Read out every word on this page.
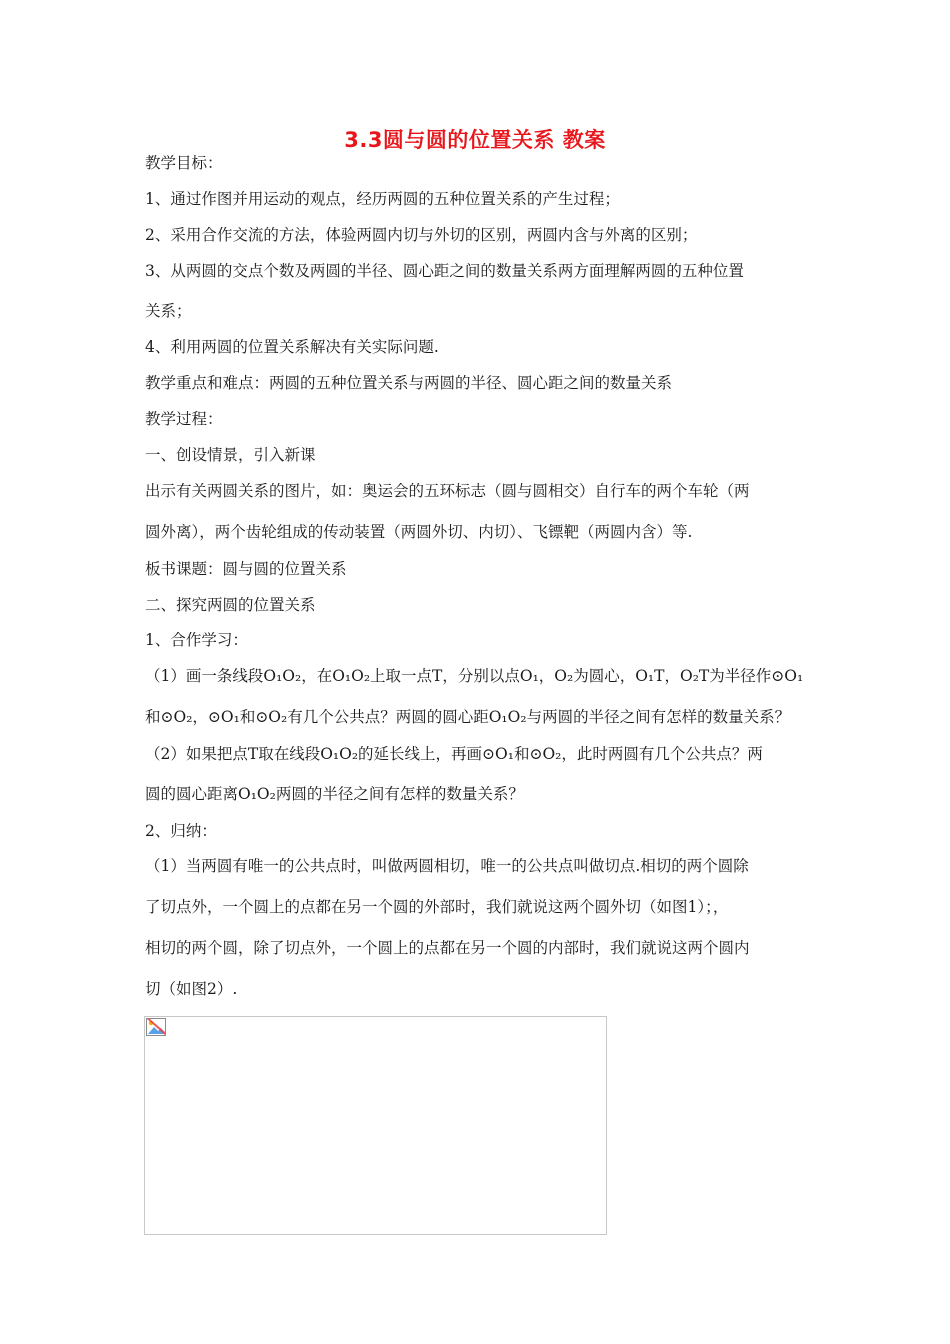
3.3圆与圆的位置关系 教案
教学目标：
1、通过作图并用运动的观点，经历两圆的五种位置关系的产生过程；
2、采用合作交流的方法，体验两圆内切与外切的区别，两圆内含与外离的区别；
3、从两圆的交点个数及两圆的半径、圆心距之间的数量关系两方面理解两圆的五种位置
关系；
4、利用两圆的位置关系解决有关实际问题.
教学重点和难点：两圆的五种位置关系与两圆的半径、圆心距之间的数量关系
教学过程：
一、创设情景，引入新课
出示有关两圆关系的图片，如：奥运会的五环标志（圆与圆相交）自行车的两个车轮（两
圆外离），两个齿轮组成的传动装置（两圆外切、内切）、飞镖靶（两圆内含）等.
板书课题：圆与圆的位置关系
二、探究两圆的位置关系
1、合作学习：
（1）画一条线段O₁O₂，在O₁O₂上取一点T，分别以点O₁，O₂为圆心，O₁T，O₂T为半径作⊙O₁
和⊙O₂，⊙O₁和⊙O₂有几个公共点？两圆的圆心距O₁O₂与两圆的半径之间有怎样的数量关系？
（2）如果把点T取在线段O₁O₂的延长线上，再画⊙O₁和⊙O₂，此时两圆有几个公共点？两
圆的圆心距离O₁O₂两圆的半径之间有怎样的数量关系？
2、归纳：
（1）当两圆有唯一的公共点时，叫做两圆相切，唯一的公共点叫做切点.相切的两个圆除
了切点外，一个圆上的点都在另一个圆的外部时，我们就说这两个圆外切（如图1）；，
相切的两个圆，除了切点外，一个圆上的点都在另一个圆的内部时，我们就说这两个圆内
切（如图2）.
